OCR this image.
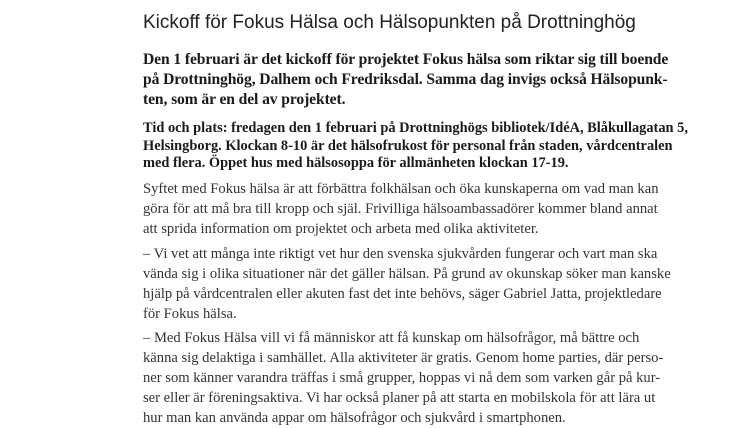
Kickoff för Fokus Hälsa och Hälsopunkten på Drottninghög

Den 1 februari är det kickoff för projektet Fokus hälsa som riktar sig till boende
på Drottninghög, Dalhem och Fredriksdal. Samma dag invigs också Hälsopunk-
ten, som är en del av projektet.

Tid och plats: fredagen den 1 februari på Drottninghögs bibliotek/IdéA, Blåkullagatan 5,
Helsingborg. Klockan 8-10 är det hälsofrukost för personal från staden, vårdcentralen
med flera. Öppet hus med hälsosoppa för allmänheten klockan 17-19.

Syftet med Fokus hälsa är att förbättra folkhälsan och öka kunskaperna om vad man kan
göra för att må bra till kropp och själ. Frivilliga hälsoambassadörer kommer bland annat
att sprida information om projektet och arbeta med olika aktiviteter.

– Vi vet att många inte riktigt vet hur den svenska sjukvården fungerar och vart man ska
vända sig i olika situationer när det gäller hälsan. På grund av okunskap söker man kanske
hjälp på vårdcentralen eller akuten fast det inte behövs, säger Gabriel Jatta, projektledare
för Fokus hälsa.

– Med Fokus Hälsa vill vi få människor att få kunskap om hälsofrågor, må bättre och
känna sig delaktiga i samhället. Alla aktiviteter är gratis. Genom home parties, där perso-
ner som känner varandra träffas i små grupper, hoppas vi nå dem som varken går på kur-
ser eller är föreningsaktiva. Vi har också planer på att starta en mobilskola för att lära ut
hur man kan använda appar om hälsofrågor och sjukvård i smartphonen.
